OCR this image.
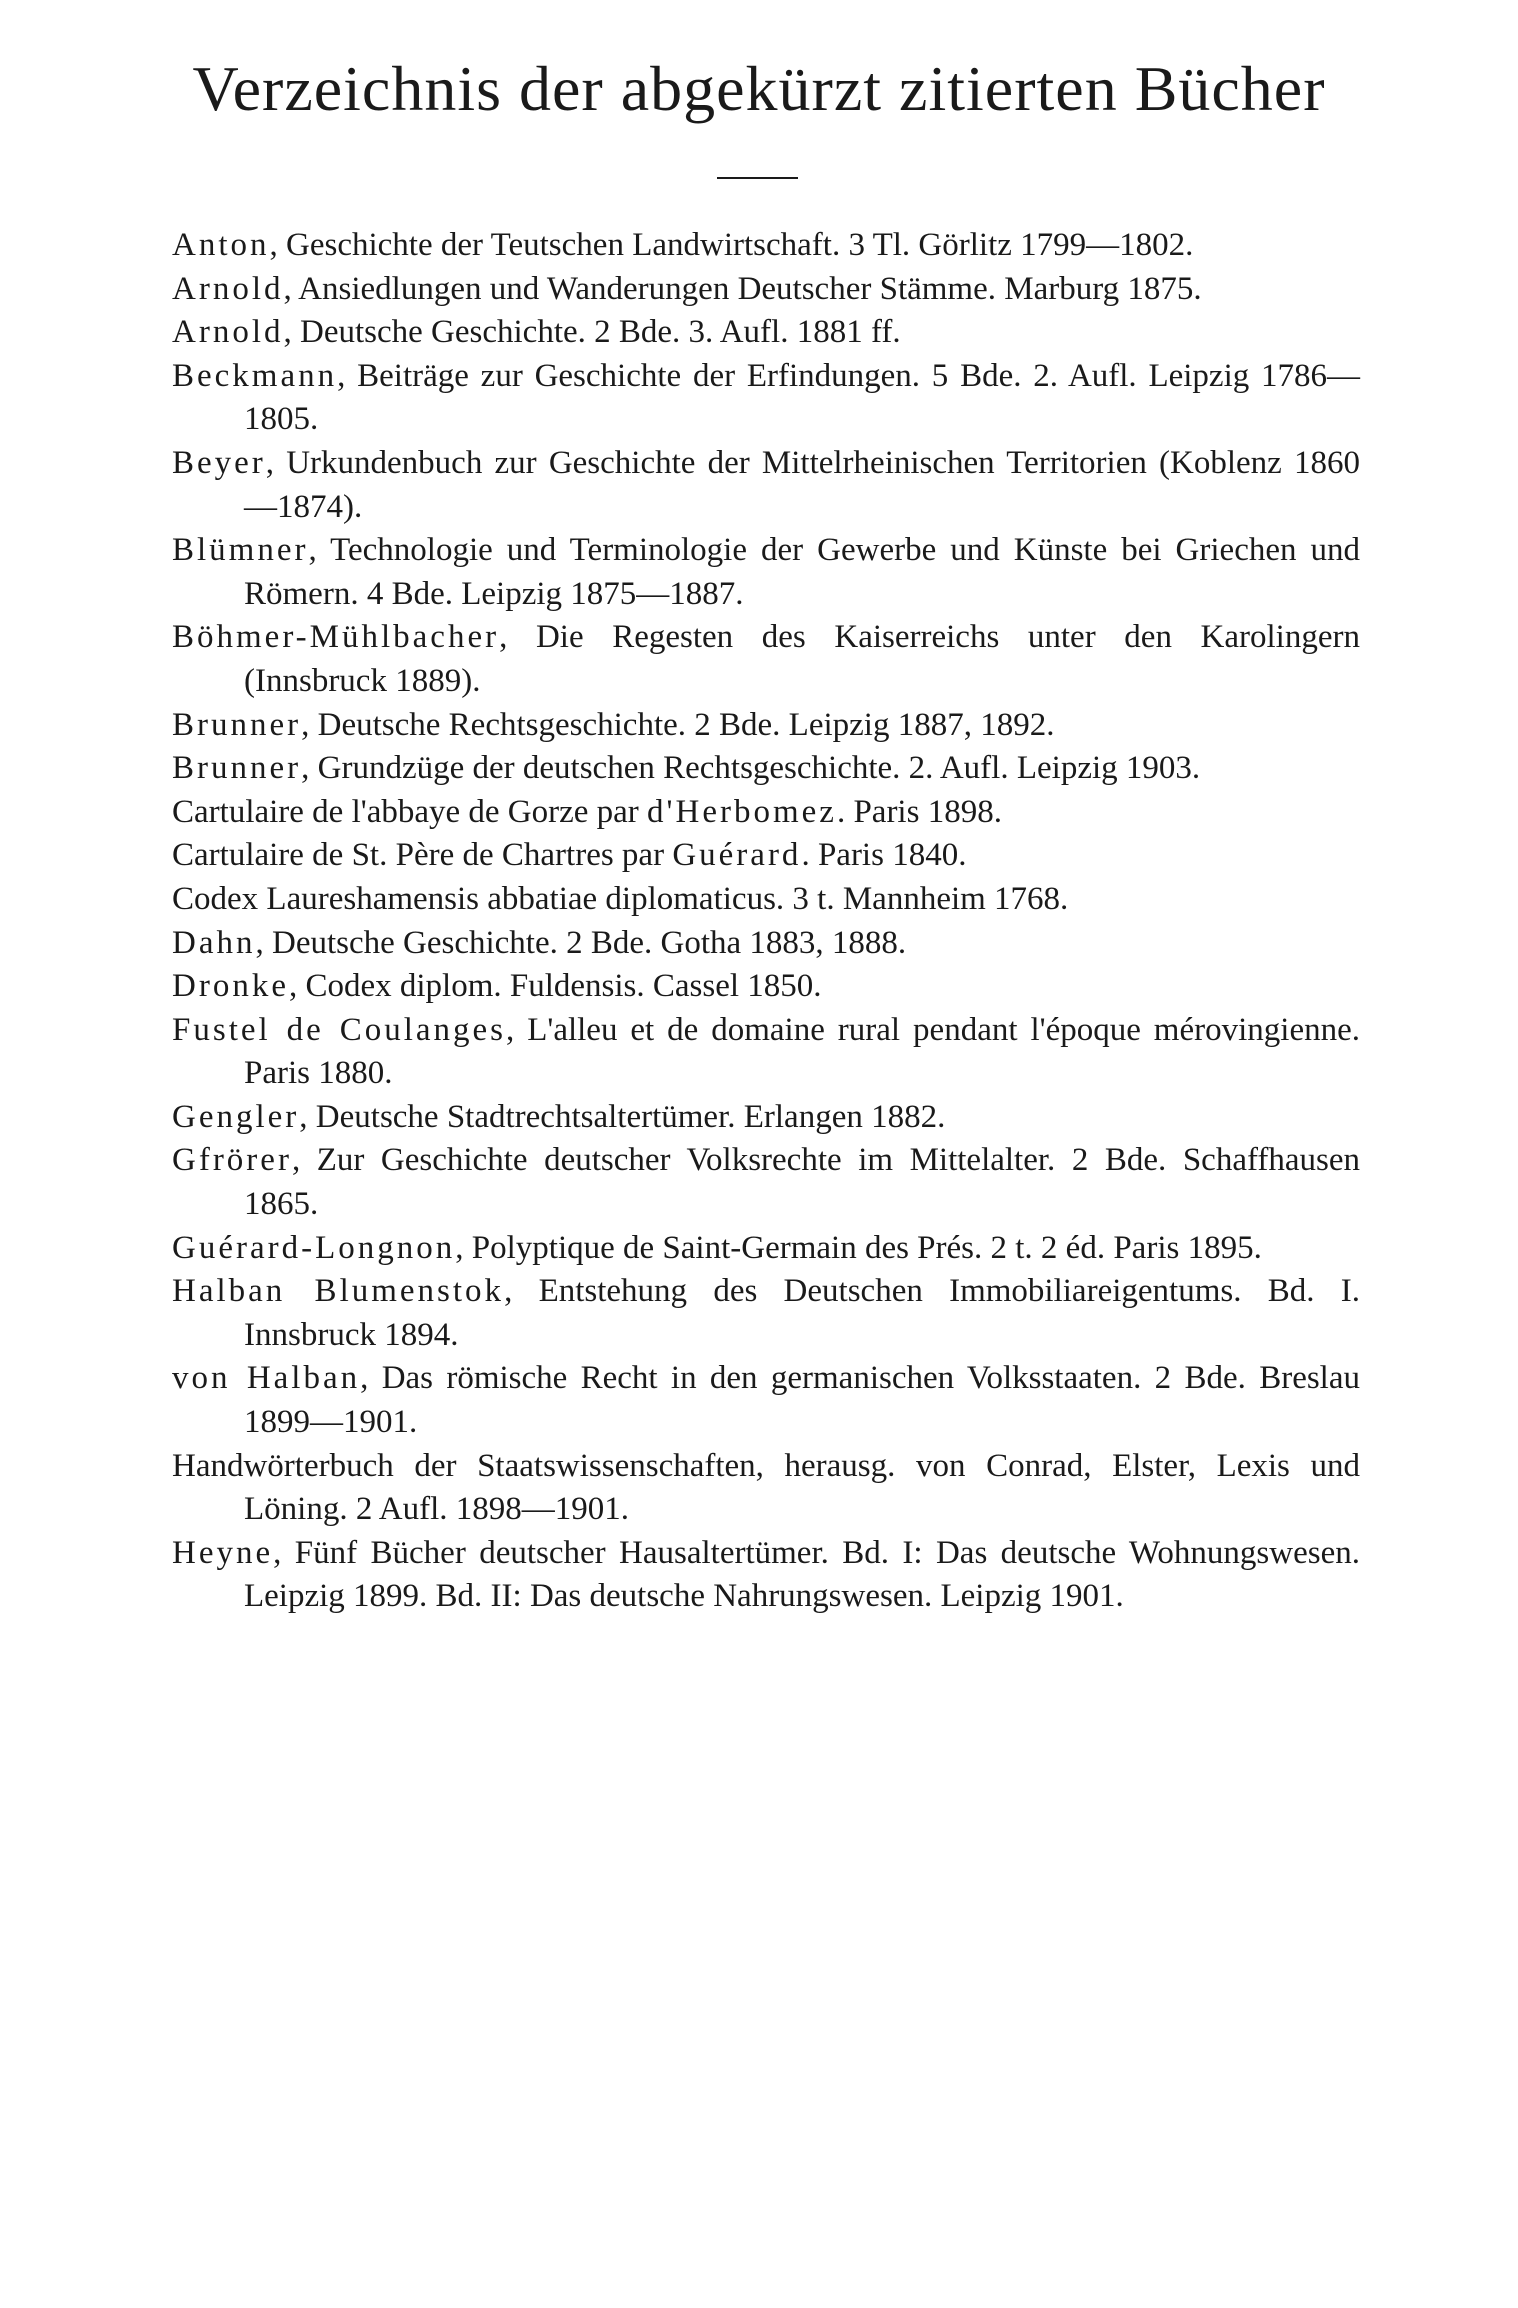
Verzeichnis der abgekürzt zitierten Bücher

Anton, Geschichte der Teutschen Landwirtschaft. 3 Tl. Görlitz 1799—1802.

Arnold, Ansiedlungen und Wanderungen Deutscher Stämme. Marburg 1875.

Arnold, Deutsche Geschichte. 2 Bde. 3. Aufl. 1881 ff.

Beckmann, Beiträge zur Geschichte der Erfindungen. 5 Bde. 2. Aufl. Leipzig 1786—1805.

Beyer, Urkundenbuch zur Geschichte der Mittelrheinischen Territorien (Koblenz 1860—1874).

Blümner, Technologie und Terminologie der Gewerbe und Künste bei Griechen und Römern. 4 Bde. Leipzig 1875—1887.

Böhmer-Mühlbacher, Die Regesten des Kaiserreichs unter den Karolingern (Innsbruck 1889).

Brunner, Deutsche Rechtsgeschichte. 2 Bde. Leipzig 1887, 1892.

Brunner, Grundzüge der deutschen Rechtsgeschichte. 2. Aufl. Leipzig 1903.

Cartulaire de l'abbaye de Gorze par d'Herbomez. Paris 1898.

Cartulaire de St. Père de Chartres par Guérard. Paris 1840.

Codex Laureshamensis abbatiae diplomaticus. 3 t. Mannheim 1768.

Dahn, Deutsche Geschichte. 2 Bde. Gotha 1883, 1888.

Dronke, Codex diplom. Fuldensis. Cassel 1850.

Fustel de Coulanges, L'alleu et de domaine rural pendant l'époque mérovingienne. Paris 1880.

Gengler, Deutsche Stadtrechtsaltertümer. Erlangen 1882.

Gfrörer, Zur Geschichte deutscher Volksrechte im Mittelalter. 2 Bde. Schaffhausen 1865.

Guérard-Longnon, Polyptique de Saint-Germain des Prés. 2 t. 2 éd. Paris 1895.

Halban Blumenstok, Entstehung des Deutschen Immobiliareigentums. Bd. I. Innsbruck 1894.

von Halban, Das römische Recht in den germanischen Volksstaaten. 2 Bde. Breslau 1899—1901.

Handwörterbuch der Staatswissenschaften, herausg. von Conrad, Elster, Lexis und Löning. 2 Aufl. 1898—1901.

Heyne, Fünf Bücher deutscher Hausaltertümer. Bd. I: Das deutsche Wohnungswesen. Leipzig 1899. Bd. II: Das deutsche Nahrungswesen. Leipzig 1901.
